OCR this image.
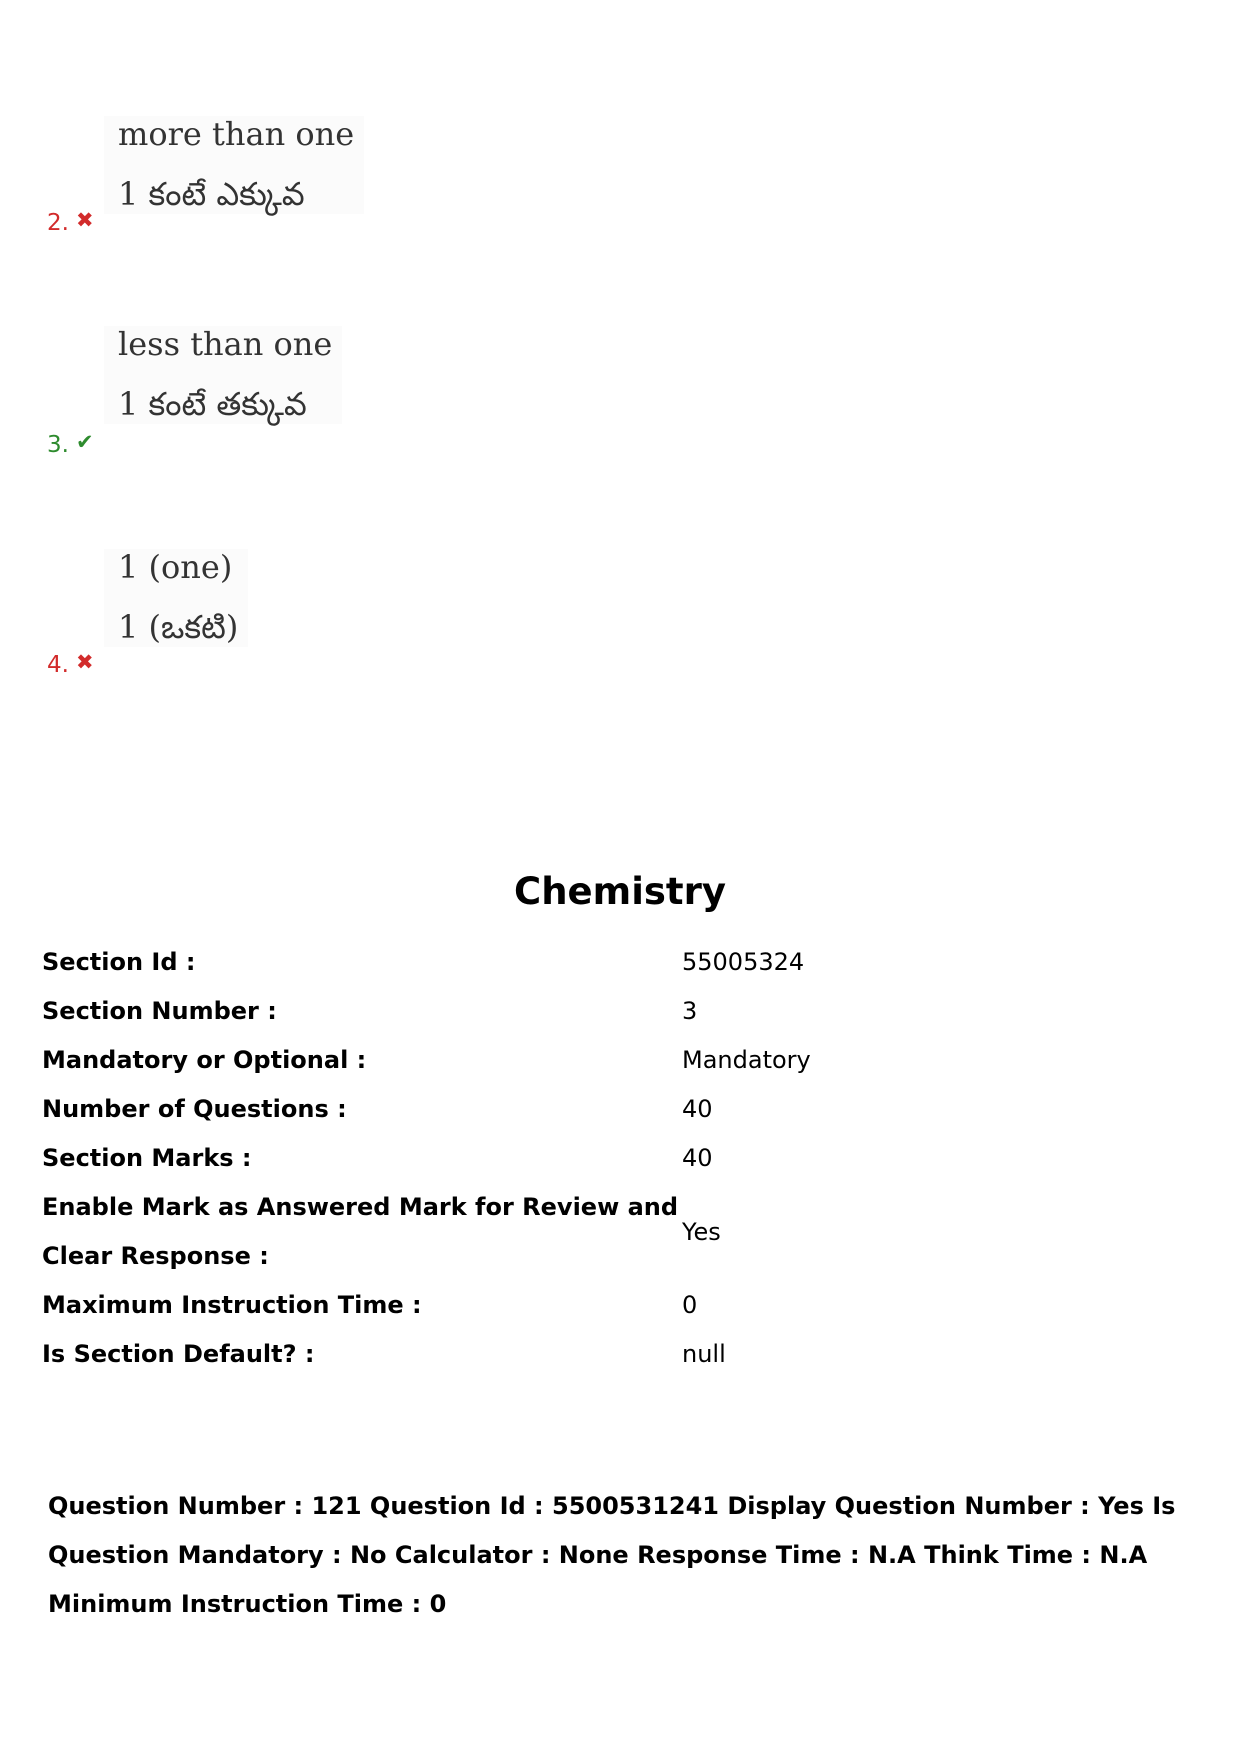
more than one
1 కంటే ఎక్కువ
2. ✖
less than one
1 కంటే తక్కువ
3. ✔
1 (one)
1 (ఒకటి)
4. ✖
Chemistry
Section Id :	55005324
Section Number :	3
Mandatory or Optional :	Mandatory
Number of Questions :	40
Section Marks :	40
Enable Mark as Answered Mark for Review and Clear Response :	Yes
Maximum Instruction Time :	0
Is Section Default? :	null
Question Number : 121 Question Id : 5500531241 Display Question Number : Yes Is Question Mandatory : No Calculator : None Response Time : N.A Think Time : N.A Minimum Instruction Time : 0
